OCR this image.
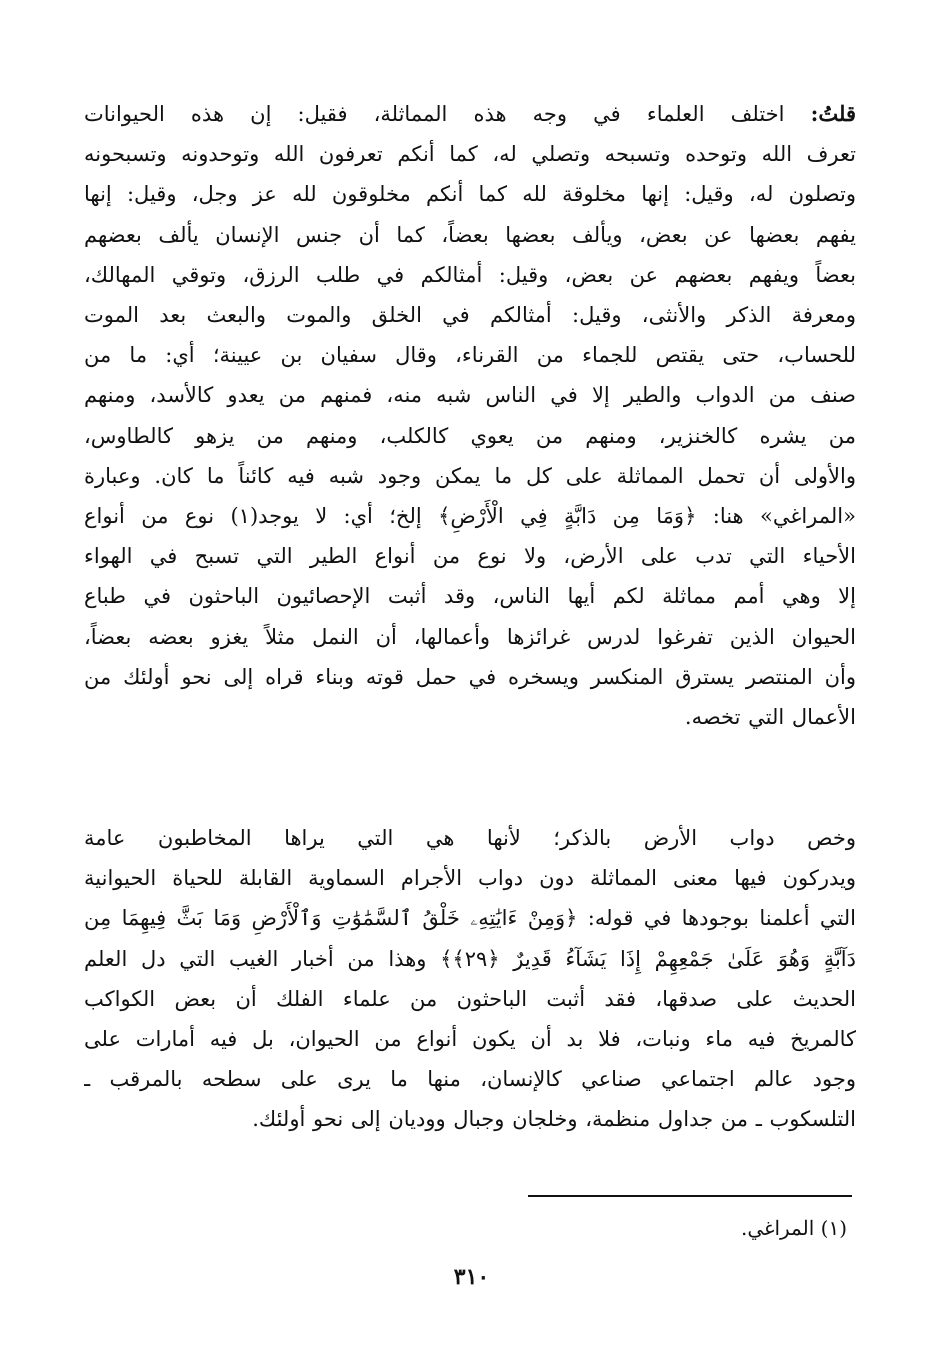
قلتُ: اختلف العلماء في وجه هذه المماثلة، فقيل: إن هذه الحيوانات
تعرف الله وتوحده وتسبحه وتصلي له، كما أنكم تعرفون الله وتوحدونه وتسبحونه
وتصلون له، وقيل: إنها مخلوقة لله كما أنكم مخلوقون لله عز وجل، وقيل: إنها
يفهم بعضها عن بعض، ويألف بعضها بعضاً، كما أن جنس الإنسان يألف بعضهم
بعضاً ويفهم بعضهم عن بعض، وقيل: أمثالكم في طلب الرزق، وتوقي المهالك،
ومعرفة الذكر والأنثى، وقيل: أمثالكم في الخلق والموت والبعث بعد الموت
للحساب، حتى يقتص للجماء من القرناء، وقال سفيان بن عيينة؛ أي: ما من
صنف من الدواب والطير إلا في الناس شبه منه، فمنهم من يعدو كالأسد، ومنهم
من يشره كالخنزير، ومنهم من يعوي كالكلب، ومنهم من يزهو كالطاوس،
والأولى أن تحمل المماثلة على كل ما يمكن وجود شبه فيه كائناً ما كان. وعبارة
«المراغي» هنا: ﴿وَمَا مِن دَابَّةٍ فِي الْأَرْضِ﴾ إلخ؛ أي: لا يوجد(١) نوع من أنواع
الأحياء التي تدب على الأرض، ولا نوع من أنواع الطير التي تسبح في الهواء
إلا وهي أمم مماثلة لكم أيها الناس، وقد أثبت الإحصائيون الباحثون في طباع
الحيوان الذين تفرغوا لدرس غرائزها وأعمالها، أن النمل مثلاً يغزو بعضه بعضاً،
وأن المنتصر يسترق المنكسر ويسخره في حمل قوته وبناء قراه إلى نحو أولئك من
الأعمال التي تخصه.
وخص دواب الأرض بالذكر؛ لأنها هي التي يراها المخاطبون عامة
ويدركون فيها معنى المماثلة دون دواب الأجرام السماوية القابلة للحياة الحيوانية
التي أعلمنا بوجودها في قوله: ﴿وَمِنْ ءَايَٰتِهِۦ خَلْقُ ٱلسَّمَٰوَٰتِ وَٱلْأَرْضِ وَمَا بَثَّ فِيهِمَا مِن
دَآبَّةٍ وَهُوَ عَلَىٰ جَمْعِهِمْ إِذَا يَشَآءُ قَدِيرٌ ﴿٢٩﴾﴾ وهذا من أخبار الغيب التي دل العلم
الحديث على صدقها، فقد أثبت الباحثون من علماء الفلك أن بعض الكواكب
كالمريخ فيه ماء ونبات، فلا بد أن يكون أنواع من الحيوان، بل فيه أمارات على
وجود عالم اجتماعي صناعي كالإنسان، منها ما يرى على سطحه بالمرقب ـ
التلسكوب ـ من جداول منظمة، وخلجان وجبال ووديان إلى نحو أولئك.
(١) المراغي.
٣١٠
